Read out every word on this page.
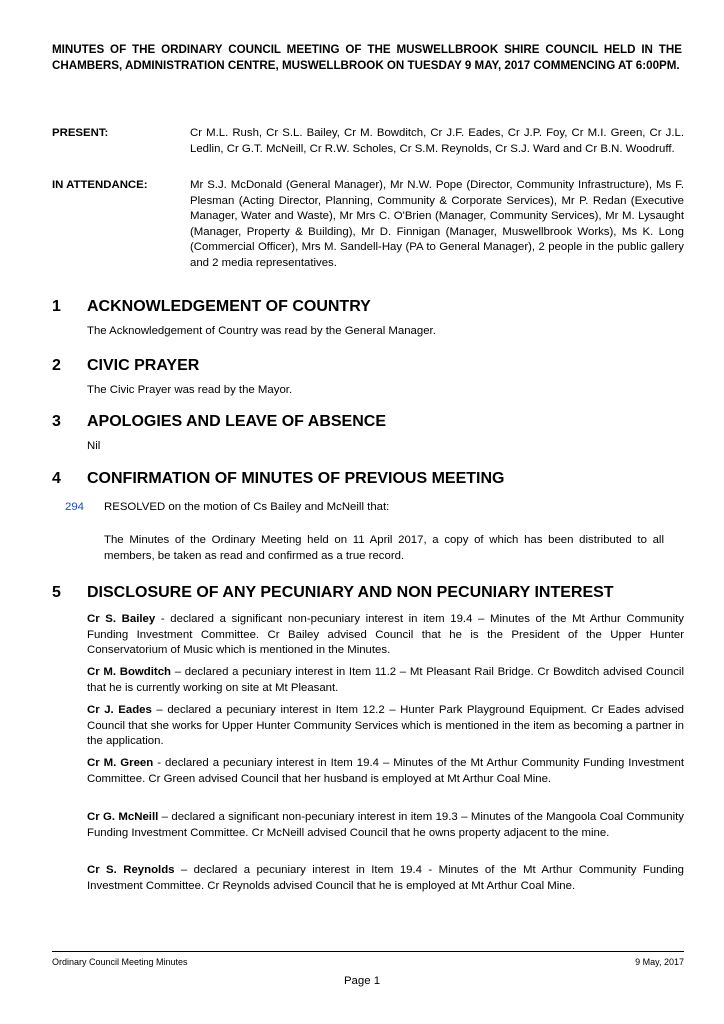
MINUTES OF THE ORDINARY COUNCIL MEETING OF THE MUSWELLBROOK SHIRE COUNCIL HELD IN THE CHAMBERS, ADMINISTRATION CENTRE, MUSWELLBROOK ON TUESDAY 9 MAY, 2017 COMMENCING AT 6:00PM.
PRESENT:	Cr M.L. Rush, Cr S.L. Bailey, Cr M. Bowditch, Cr J.F. Eades, Cr J.P. Foy, Cr M.I. Green, Cr J.L. Ledlin, Cr G.T. McNeill, Cr R.W. Scholes, Cr S.M. Reynolds, Cr S.J. Ward and Cr B.N. Woodruff.
IN ATTENDANCE:	Mr S.J. McDonald (General Manager), Mr N.W. Pope (Director, Community Infrastructure), Ms F. Plesman (Acting Director, Planning, Community & Corporate Services), Mr P. Redan (Executive Manager, Water and Waste), Mr Mrs C. O'Brien (Manager, Community Services), Mr M. Lysaught (Manager, Property & Building), Mr D. Finnigan (Manager, Muswellbrook Works), Ms K. Long (Commercial Officer), Mrs M. Sandell-Hay (PA to General Manager), 2 people in the public gallery and 2 media representatives.
1 ACKNOWLEDGEMENT OF COUNTRY
The Acknowledgement of Country was read by the General Manager.
2 CIVIC PRAYER
The Civic Prayer was read by the Mayor.
3 APOLOGIES AND LEAVE OF ABSENCE
Nil
4 CONFIRMATION OF MINUTES OF PREVIOUS MEETING
294 RESOLVED on the motion of Cs Bailey and McNeill that:
The Minutes of the Ordinary Meeting held on 11 April 2017, a copy of which has been distributed to all members, be taken as read and confirmed as a true record.
5 DISCLOSURE OF ANY PECUNIARY AND NON PECUNIARY INTEREST
Cr S. Bailey - declared a significant non-pecuniary interest in item 19.4 – Minutes of the Mt Arthur Community Funding Investment Committee. Cr Bailey advised Council that he is the President of the Upper Hunter Conservatorium of Music which is mentioned in the Minutes.
Cr M. Bowditch – declared a pecuniary interest in Item 11.2 – Mt Pleasant Rail Bridge. Cr Bowditch advised Council that he is currently working on site at Mt Pleasant.
Cr J. Eades – declared a pecuniary interest in Item 12.2 – Hunter Park Playground Equipment. Cr Eades advised Council that she works for Upper Hunter Community Services which is mentioned in the item as becoming a partner in the application.
Cr M. Green - declared a pecuniary interest in Item 19.4 – Minutes of the Mt Arthur Community Funding Investment Committee. Cr Green advised Council that her husband is employed at Mt Arthur Coal Mine.
Cr G. McNeill – declared a significant non-pecuniary interest in item 19.3 – Minutes of the Mangoola Coal Community Funding Investment Committee. Cr McNeill advised Council that he owns property adjacent to the mine.
Cr S. Reynolds – declared a pecuniary interest in Item 19.4 - Minutes of the Mt Arthur Community Funding Investment Committee. Cr Reynolds advised Council that he is employed at Mt Arthur Coal Mine.
Ordinary Council Meeting Minutes	9 May, 2017
Page 1
